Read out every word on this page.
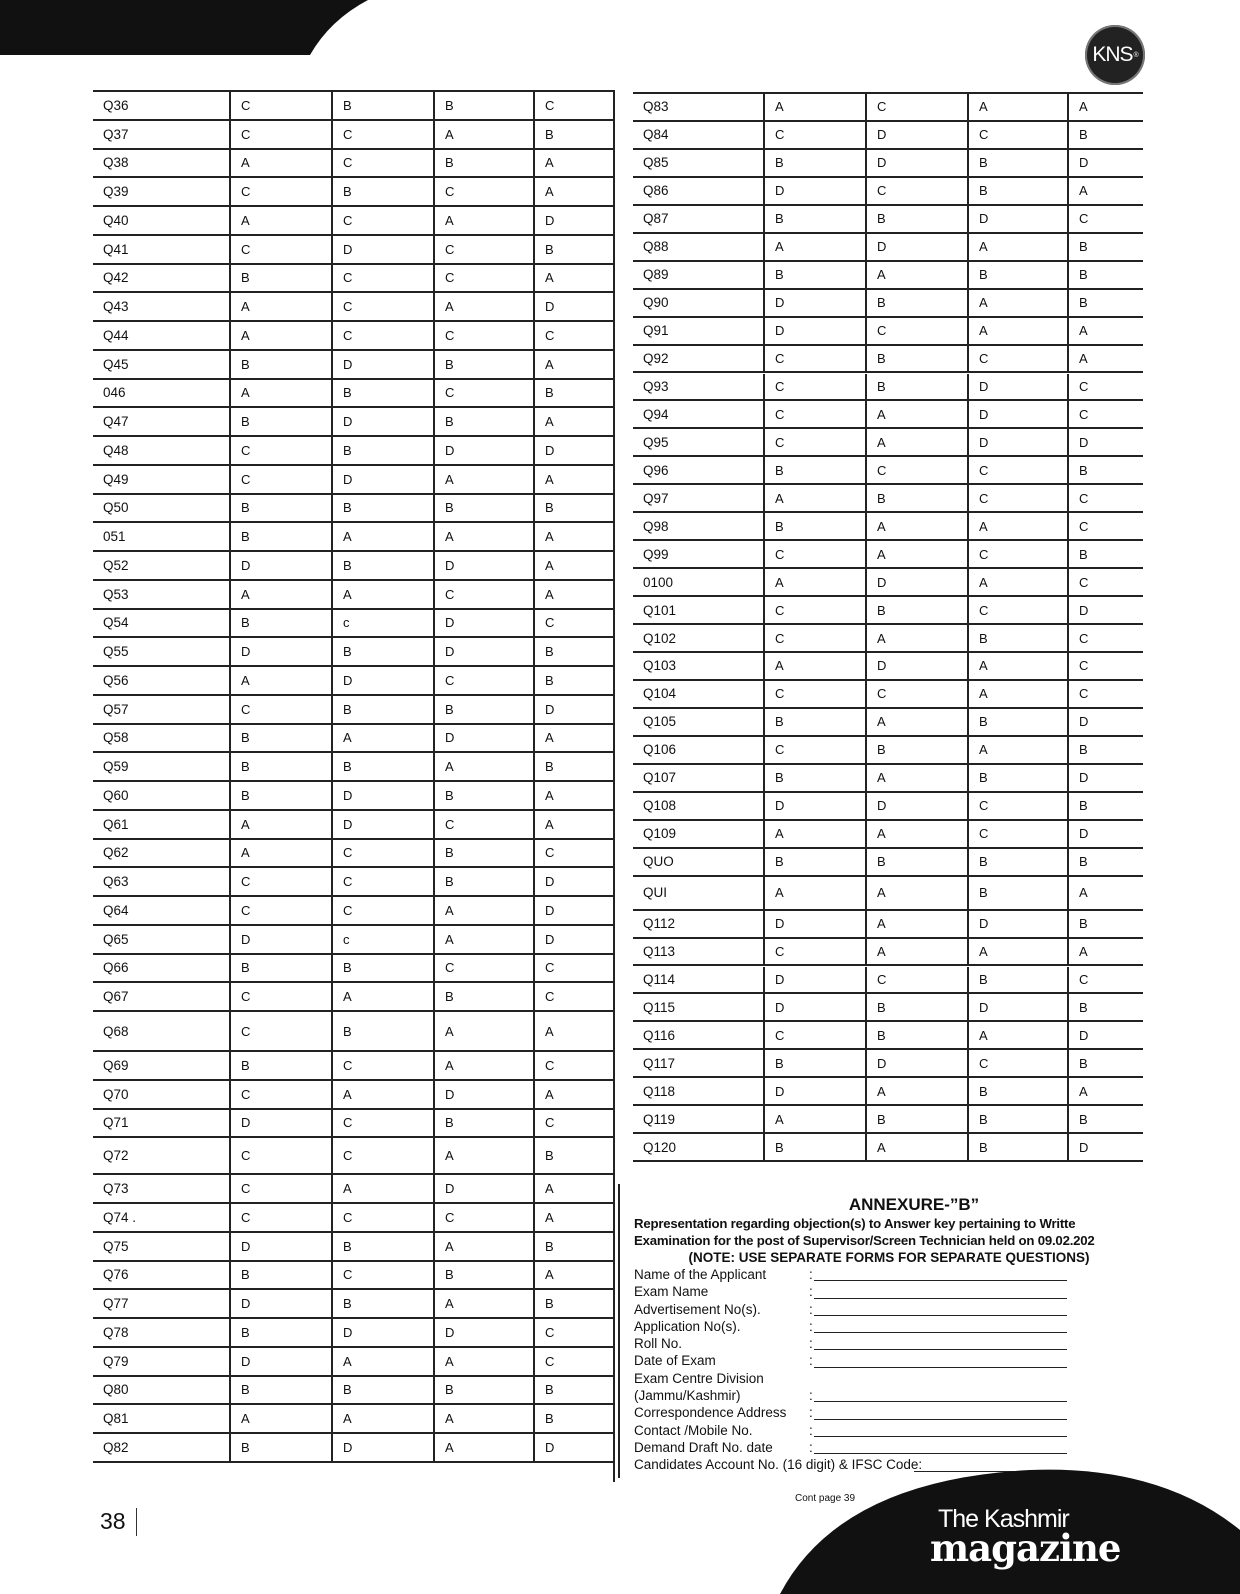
KNS ®
Q36	C	B	B	C
Q37	C	C	A	B
Q38	A	C	B	A
Q39	C	B	C	A
Q40	A	C	A	D
Q41	C	D	C	B
Q42	B	C	C	A
Q43	A	C	A	D
Q44	A	C	C	C
Q45	B	D	B	A
046	A	B	C	B
Q47	B	D	B	A
Q48	C	B	D	D
Q49	C	D	A	A
Q50	B	B	B	B
051	B	A	A	A
Q52	D	B	D	A
Q53	A	A	C	A
Q54	B	c	D	C
Q55	D	B	D	B
Q56	A	D	C	B
Q57	C	B	B	D
Q58	B	A	D	A
Q59	B	B	A	B
Q60	B	D	B	A
Q61	A	D	C	A
Q62	A	C	B	C
Q63	C	C	B	D
Q64	C	C	A	D
Q65	D	c	A	D
Q66	B	B	C	C
Q67	C	A	B	C
Q68	C	B	A	A
Q69	B	C	A	C
Q70	C	A	D	A
Q71	D	C	B	C
Q72	C	C	A	B
Q73	C	A	D	A
Q74 .	C	C	C	A
Q75	D	B	A	B
Q76	B	C	B	A
Q77	D	B	A	B
Q78	B	D	D	C
Q79	D	A	A	C
Q80	B	B	B	B
Q81	A	A	A	B
Q82	B	D	A	D
Q83	A	C	A	A
Q84	C	D	C	B
Q85	B	D	B	D
Q86	D	C	B	A
Q87	B	B	D	C
Q88	A	D	A	B
Q89	B	A	B	B
Q90	D	B	A	B
Q91	D	C	A	A
Q92	C	B	C	A
Q93	C	B	D	C
Q94	C	A	D	C
Q95	C	A	D	D
Q96	B	C	C	B
Q97	A	B	C	C
Q98	B	A	A	C
Q99	C	A	C	B
0100	A	D	A	C
Q101	C	B	C	D
Q102	C	A	B	C
Q103	A	D	A	C
Q104	C	C	A	C
Q105	B	A	B	D
Q106	C	B	A	B
Q107	B	A	B	D
Q108	D	D	C	B
Q109	A	A	C	D
QUO	B	B	B	B
QUI	A	A	B	A
Q112	D	A	D	B
Q113	C	A	A	A
Q114	D	C	B	C
Q115	D	B	D	B
Q116	C	B	A	D
Q117	B	D	C	B
Q118	D	A	B	A
Q119	A	B	B	B
Q120	B	A	B	D
ANNEXURE-”B”
Representation regarding objection(s) to Answer key pertaining to Writte
Examination for the post of Supervisor/Screen Technician held on 09.02.202
(NOTE: USE SEPARATE FORMS FOR SEPARATE QUESTIONS)
Name of the Applicant	:
Exam Name	:
Advertisement No(s).	:
Application No(s).	:
Roll No.	:
Date of Exam	:
Exam Centre Division
(Jammu/Kashmir)	:
Correspondence Address :
Contact /Mobile No.	:
Demand Draft No. date	:
Candidates Account No. (16 digit) & IFSC Code:
Cont page 39
38	The Kashmir
magazine
